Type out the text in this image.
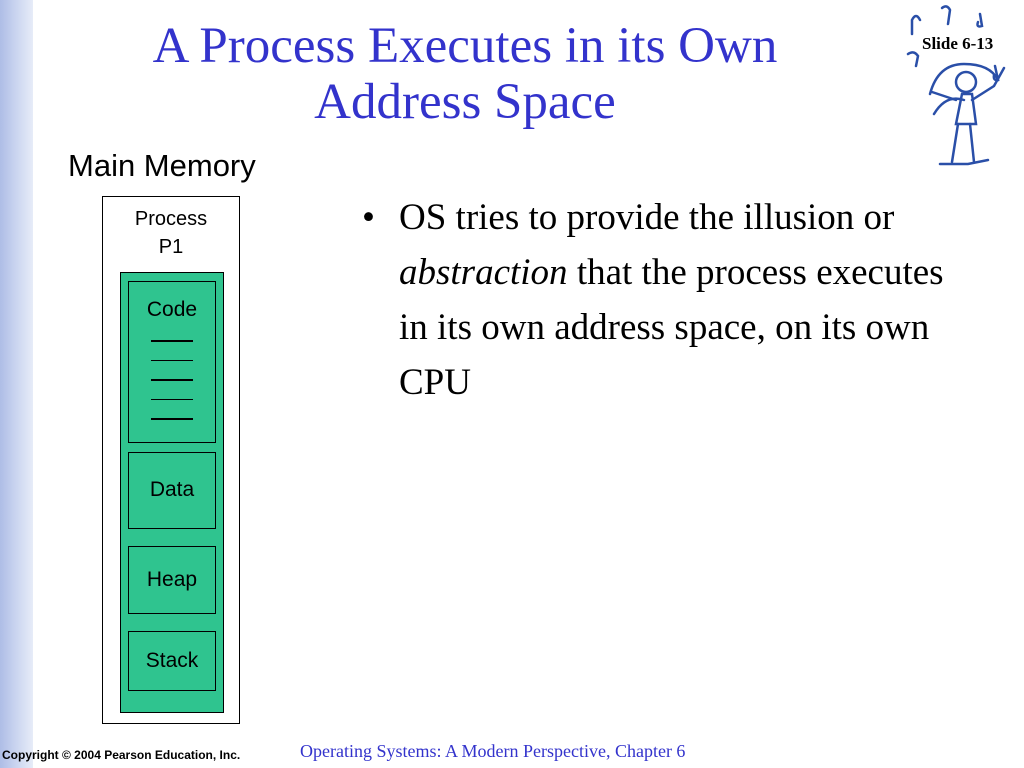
A Process Executes in its Own
Address Space
Slide 6-13
Main Memory
Process
P1
Code
Data
Heap
Stack
• OS tries to provide the illusion or abstraction that the process executes in its own address space, on its own CPU
Copyright © 2004 Pearson Education, Inc.	Operating Systems: A Modern Perspective, Chapter 6
